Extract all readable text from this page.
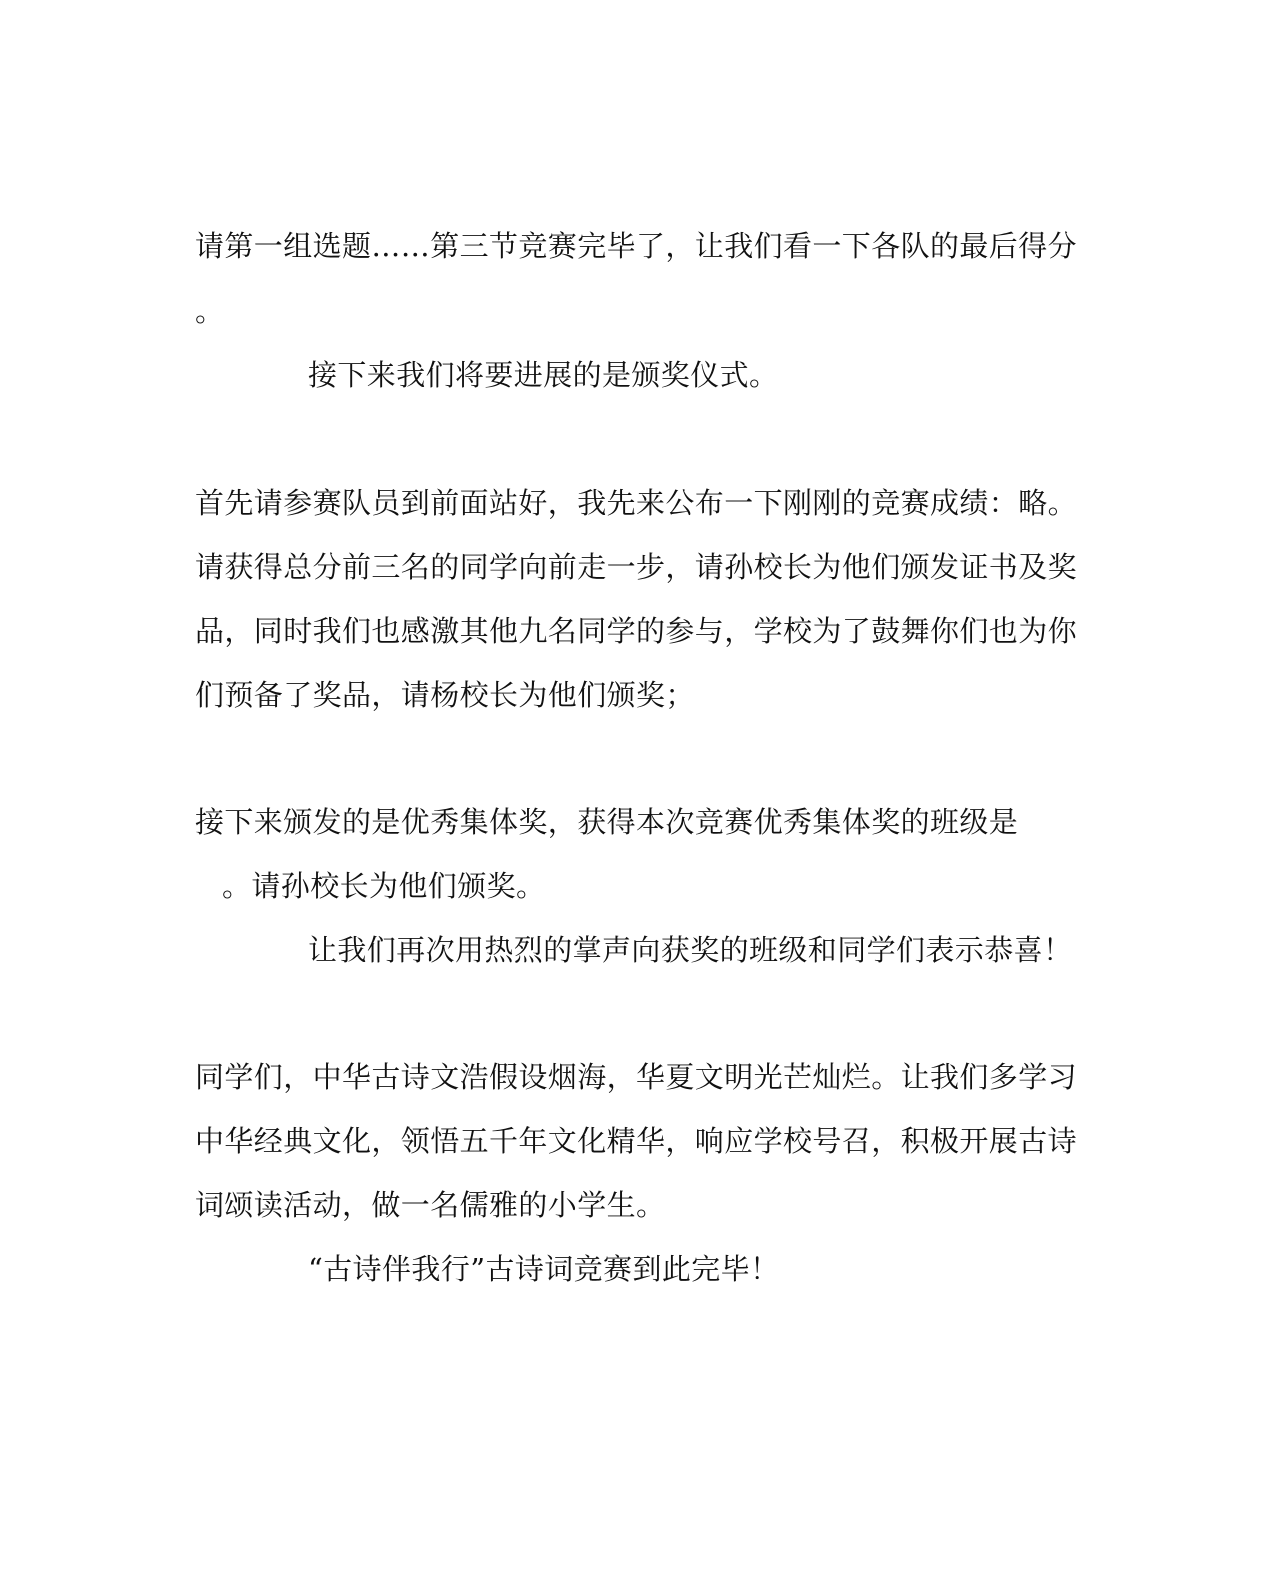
请第一组选题……第三节竞赛完毕了，让我们看一下各队的最后得分
。
接下来我们将要进展的是颁奖仪式。
首先请参赛队员到前面站好，我先来公布一下刚刚的竞赛成绩：略。
请获得总分前三名的同学向前走一步，请孙校长为他们颁发证书及奖
品，同时我们也感激其他九名同学的参与，学校为了鼓舞你们也为你
们预备了奖品，请杨校长为他们颁奖；
接下来颁发的是优秀集体奖，获得本次竞赛优秀集体奖的班级是
。请孙校长为他们颁奖。
让我们再次用热烈的掌声向获奖的班级和同学们表示恭喜！
同学们，中华古诗文浩假设烟海，华夏文明光芒灿烂。让我们多学习
中华经典文化，领悟五千年文化精华，响应学校号召，积极开展古诗
词颂读活动，做一名儒雅的小学生。
“古诗伴我行”古诗词竞赛到此完毕！
